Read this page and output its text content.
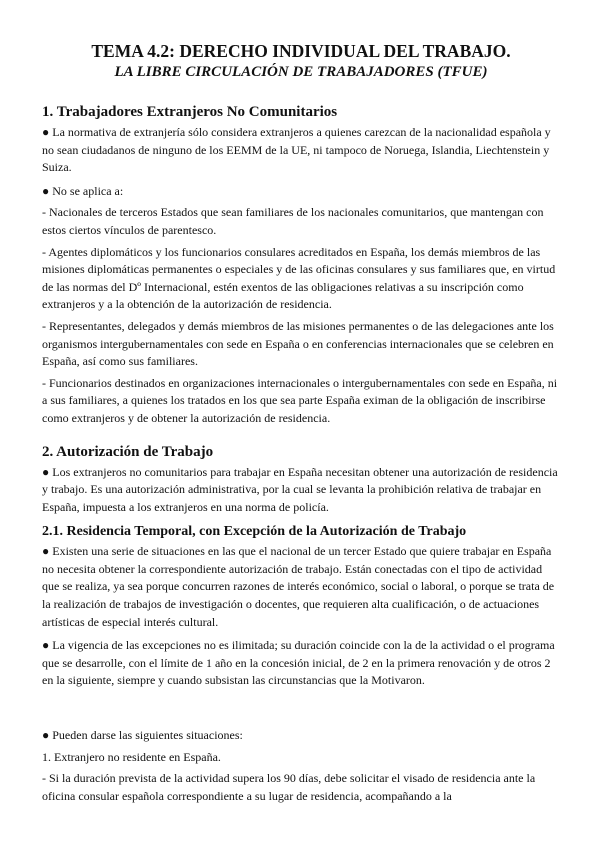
TEMA 4.2: DERECHO INDIVIDUAL DEL TRABAJO.
LA LIBRE CIRCULACIÓN DE TRABAJADORES (TFUE)
1. Trabajadores Extranjeros No Comunitarios

● La normativa de extranjería sólo considera extranjeros a quienes carezcan de la nacionalidad española y no sean ciudadanos de ninguno de los EEMM de la UE, ni tampoco de Noruega, Islandia, Liechtenstein y Suiza.

● No se aplica a:

- Nacionales de terceros Estados que sean familiares de los nacionales comunitarios, que mantengan con estos ciertos vínculos de parentesco.

- Agentes diplomáticos y los funcionarios consulares acreditados en España, los demás miembros de las misiones diplomáticas permanentes o especiales y de las oficinas consulares y sus familiares que, en virtud de las normas del Dº Internacional, estén exentos de las obligaciones relativas a su inscripción como extranjeros y a la obtención de la autorización de residencia.

- Representantes, delegados y demás miembros de las misiones permanentes o de las delegaciones ante los organismos intergubernamentales con sede en España o en conferencias internacionales que se celebren en España, así como sus familiares.

- Funcionarios destinados en organizaciones internacionales o intergubernamentales con sede en España, ni a sus familiares, a quienes los tratados en los que sea parte España eximan de la obligación de inscribirse como extranjeros y de obtener la autorización de residencia.

2. Autorización de Trabajo

● Los extranjeros no comunitarios para trabajar en España necesitan obtener una autorización de residencia y trabajo. Es una autorización administrativa, por la cual se levanta la prohibición relativa de trabajar en España, impuesta a los extranjeros en una norma de policía.

2.1. Residencia Temporal, con Excepción de la Autorización de Trabajo

● Existen una serie de situaciones en las que el nacional de un tercer Estado que quiere trabajar en España no necesita obtener la correspondiente autorización de trabajo. Están conectadas con el tipo de actividad que se realiza, ya sea porque concurren razones de interés económico, social o laboral, o porque se trata de la realización de trabajos de investigación o docentes, que requieren alta cualificación, o de actuaciones artísticas de especial interés cultural.

● La vigencia de las excepciones no es ilimitada; su duración coincide con la de la actividad o el programa que se desarrolle, con el límite de 1 año en la concesión inicial, de 2 en la primera renovación y de otros 2 en la siguiente, siempre y cuando subsistan las circunstancias que la Motivaron.

● Pueden darse las siguientes situaciones:

1. Extranjero no residente en España.

- Si la duración prevista de la actividad supera los 90 días, debe solicitar el visado de residencia ante la oficina consular española correspondiente a su lugar de residencia, acompañando a la
